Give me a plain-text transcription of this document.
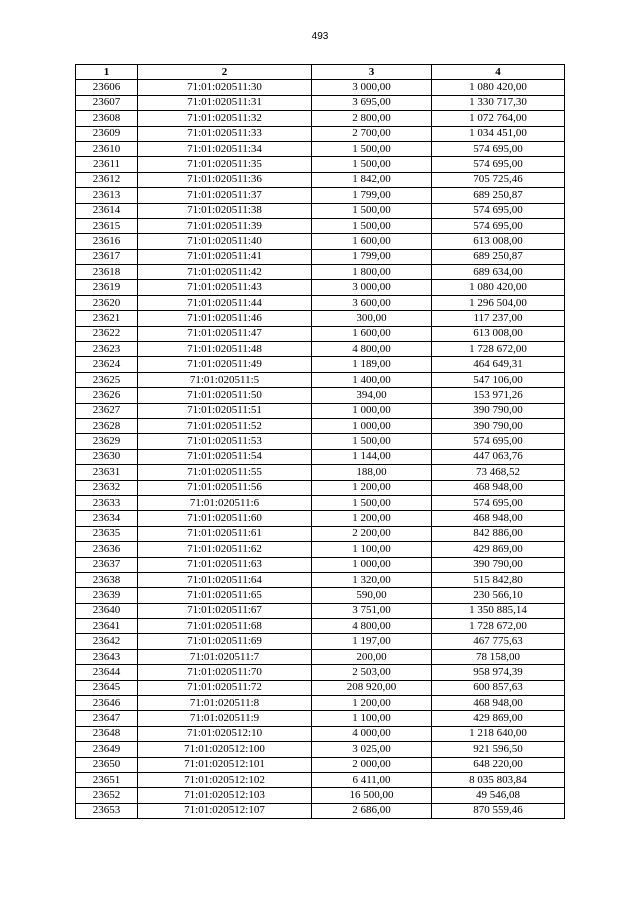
493
1	2	3	4
23606	71:01:020511:30	3 000,00	1 080 420,00
23607	71:01:020511:31	3 695,00	1 330 717,30
23608	71:01:020511:32	2 800,00	1 072 764,00
23609	71:01:020511:33	2 700,00	1 034 451,00
23610	71:01:020511:34	1 500,00	574 695,00
23611	71:01:020511:35	1 500,00	574 695,00
23612	71:01:020511:36	1 842,00	705 725,46
23613	71:01:020511:37	1 799,00	689 250,87
23614	71:01:020511:38	1 500,00	574 695,00
23615	71:01:020511:39	1 500,00	574 695,00
23616	71:01:020511:40	1 600,00	613 008,00
23617	71:01:020511:41	1 799,00	689 250,87
23618	71:01:020511:42	1 800,00	689 634,00
23619	71:01:020511:43	3 000,00	1 080 420,00
23620	71:01:020511:44	3 600,00	1 296 504,00
23621	71:01:020511:46	300,00	117 237,00
23622	71:01:020511:47	1 600,00	613 008,00
23623	71:01:020511:48	4 800,00	1 728 672,00
23624	71:01:020511:49	1 189,00	464 649,31
23625	71:01:020511:5	1 400,00	547 106,00
23626	71:01:020511:50	394,00	153 971,26
23627	71:01:020511:51	1 000,00	390 790,00
23628	71:01:020511:52	1 000,00	390 790,00
23629	71:01:020511:53	1 500,00	574 695,00
23630	71:01:020511:54	1 144,00	447 063,76
23631	71:01:020511:55	188,00	73 468,52
23632	71:01:020511:56	1 200,00	468 948,00
23633	71:01:020511:6	1 500,00	574 695,00
23634	71:01:020511:60	1 200,00	468 948,00
23635	71:01:020511:61	2 200,00	842 886,00
23636	71:01:020511:62	1 100,00	429 869,00
23637	71:01:020511:63	1 000,00	390 790,00
23638	71:01:020511:64	1 320,00	515 842,80
23639	71:01:020511:65	590,00	230 566,10
23640	71:01:020511:67	3 751,00	1 350 885,14
23641	71:01:020511:68	4 800,00	1 728 672,00
23642	71:01:020511:69	1 197,00	467 775,63
23643	71:01:020511:7	200,00	78 158,00
23644	71:01:020511:70	2 503,00	958 974,39
23645	71:01:020511:72	208 920,00	600 857,63
23646	71:01:020511:8	1 200,00	468 948,00
23647	71:01:020511:9	1 100,00	429 869,00
23648	71:01:020512:10	4 000,00	1 218 640,00
23649	71:01:020512:100	3 025,00	921 596,50
23650	71:01:020512:101	2 000,00	648 220,00
23651	71:01:020512:102	6 411,00	8 035 803,84
23652	71:01:020512:103	16 500,00	49 546,08
23653	71:01:020512:107	2 686,00	870 559,46
